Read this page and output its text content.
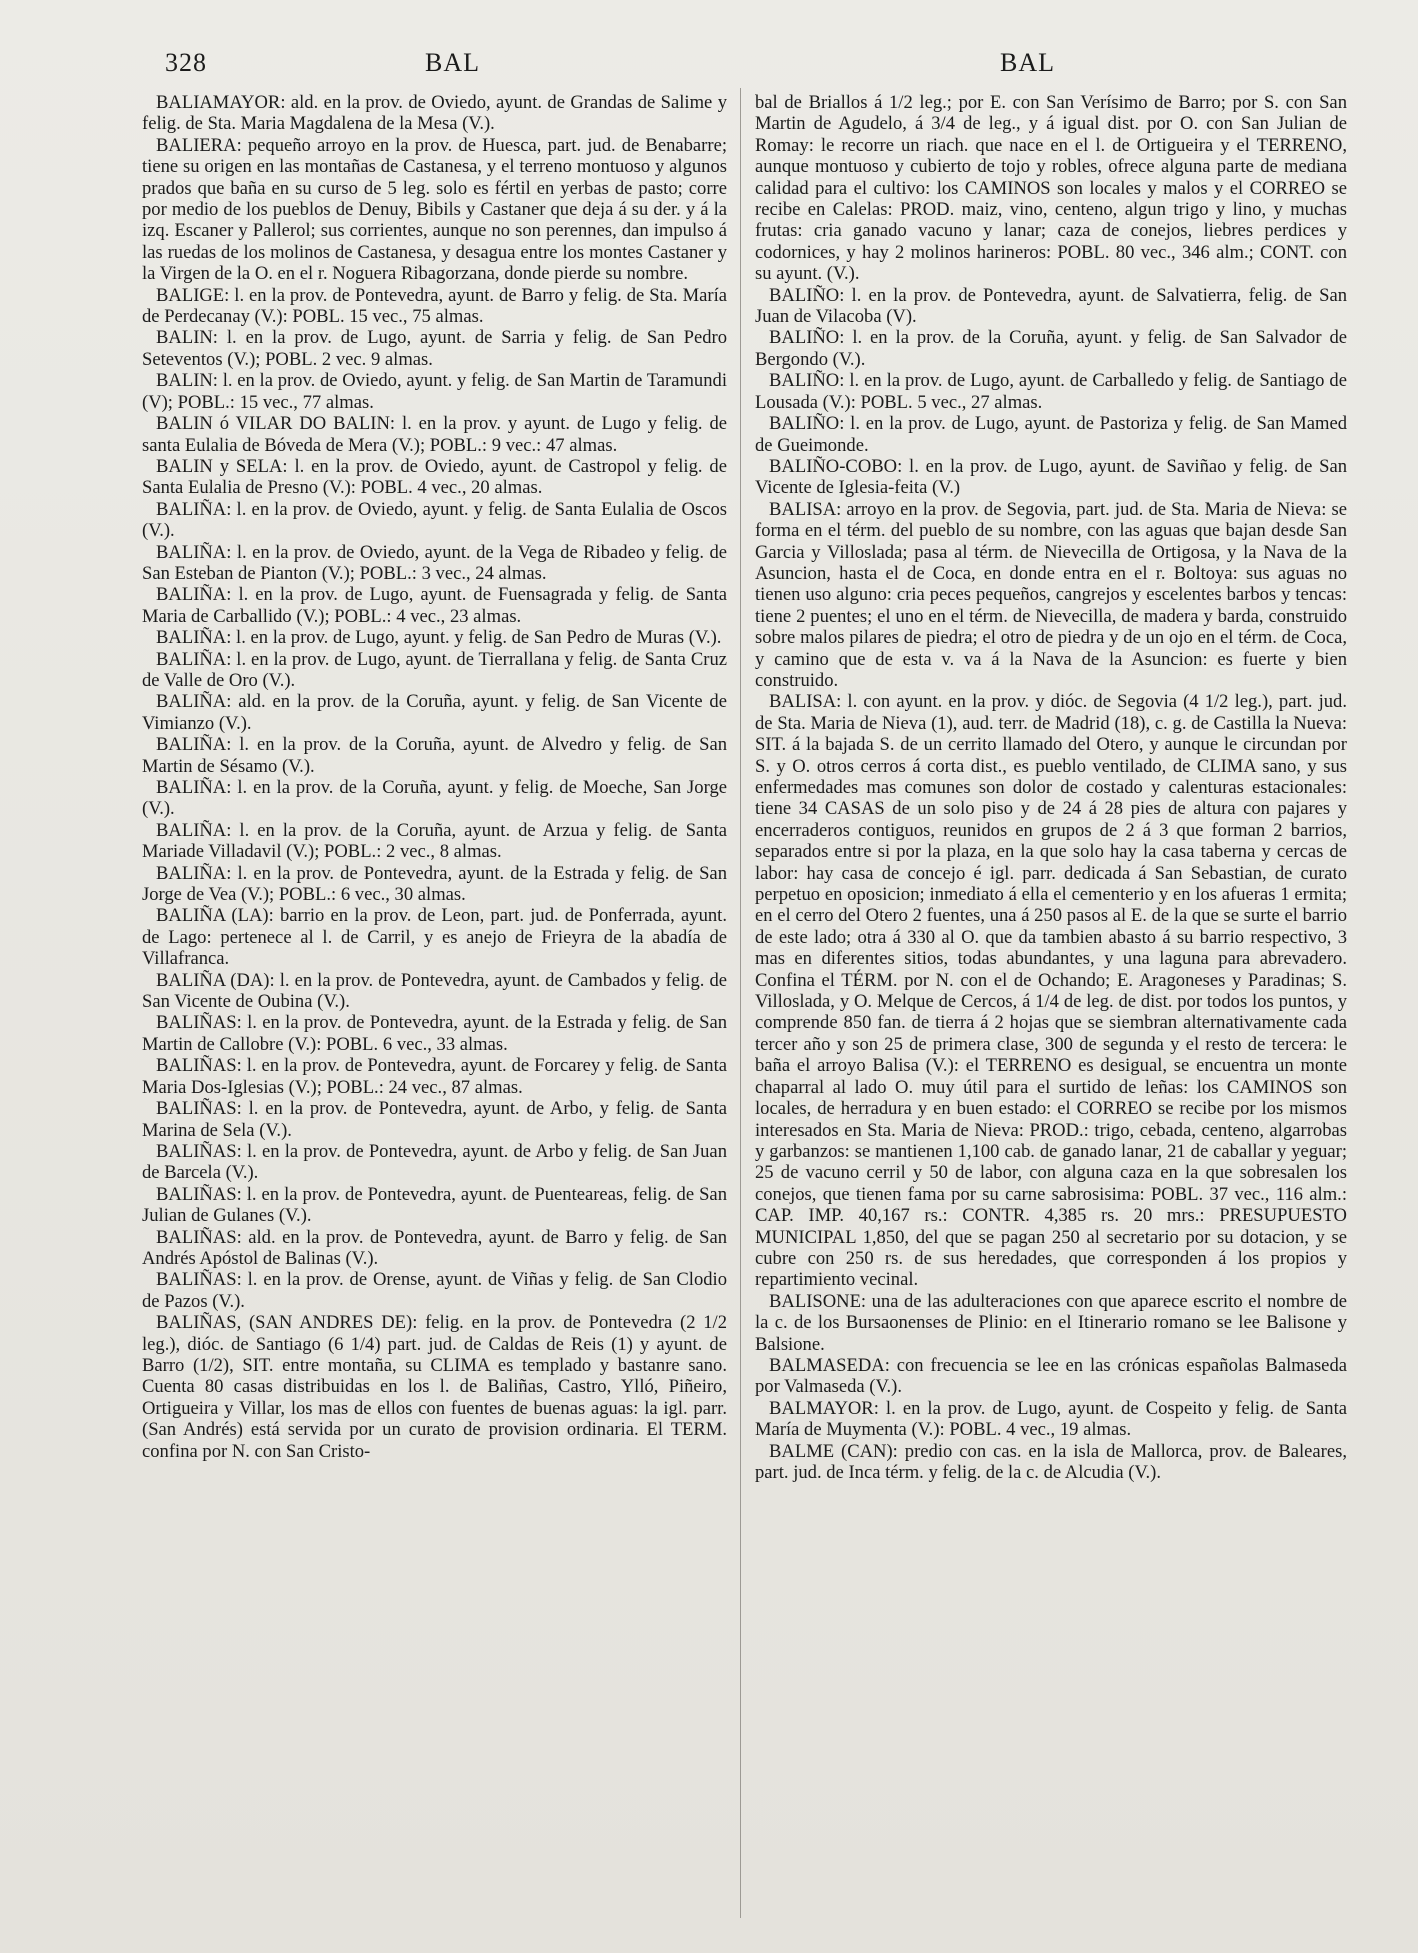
328	BAL	BAL

BALIAMAYOR: ald. en la prov. de Oviedo, ayunt. de Grandas de Salime y felig. de Sta. Maria Magdalena de la Mesa (V.).

BALIERA: pequeño arroyo en la prov. de Huesca, part. jud. de Benabarre; tiene su origen en las montañas de Castanesa, y el terreno montuoso y algunos prados que baña en su curso de 5 leg. solo es fértil en yerbas de pasto; corre por medio de los pueblos de Denuy, Bibils y Castaner que deja á su der. y á la izq. Escaner y Pallerol; sus corrientes, aunque no son perennes, dan impulso á las ruedas de los molinos de Castanesa, y desagua entre los montes Castaner y la Virgen de la O. en el r. Noguera Ribagorzana, donde pierde su nombre.

BALIGE: l. en la prov. de Pontevedra, ayunt. de Barro y felig. de Sta. María de Perdecanay (V.): POBL. 15 vec., 75 almas.

BALIN: l. en la prov. de Lugo, ayunt. de Sarria y felig. de San Pedro Seteventos (V.); POBL. 2 vec. 9 almas.

BALIN: l. en la prov. de Oviedo, ayunt. y felig. de San Martin de Taramundi (V); POBL.: 15 vec., 77 almas.

BALIN ó VILAR DO BALIN: l. en la prov. y ayunt. de Lugo y felig. de santa Eulalia de Bóveda de Mera (V.); POBL.: 9 vec.: 47 almas.

BALIN y SELA: l. en la prov. de Oviedo, ayunt. de Castropol y felig. de Santa Eulalia de Presno (V.): POBL. 4 vec., 20 almas.

BALIÑA: l. en la prov. de Oviedo, ayunt. y felig. de Santa Eulalia de Oscos (V.).

BALIÑA: l. en la prov. de Oviedo, ayunt. de la Vega de Ribadeo y felig. de San Esteban de Pianton (V.); POBL.: 3 vec., 24 almas.

BALIÑA: l. en la prov. de Lugo, ayunt. de Fuensagrada y felig. de Santa Maria de Carballido (V.); POBL.: 4 vec., 23 almas.

BALIÑA: l. en la prov. de Lugo, ayunt. y felig. de San Pedro de Muras (V.).

BALIÑA: l. en la prov. de Lugo, ayunt. de Tierrallana y felig. de Santa Cruz de Valle de Oro (V.).

BALIÑA: ald. en la prov. de la Coruña, ayunt. y felig. de San Vicente de Vimianzo (V.).

BALIÑA: l. en la prov. de la Coruña, ayunt. de Alvedro y felig. de San Martin de Sésamo (V.).

BALIÑA: l. en la prov. de la Coruña, ayunt. y felig. de Moeche, San Jorge (V.).

BALIÑA: l. en la prov. de la Coruña, ayunt. de Arzua y felig. de Santa Mariade Villadavil (V.); POBL.: 2 vec., 8 almas.

BALIÑA: l. en la prov. de Pontevedra, ayunt. de la Estrada y felig. de San Jorge de Vea (V.); POBL.: 6 vec., 30 almas.

BALIÑA (LA): barrio en la prov. de Leon, part. jud. de Ponferrada, ayunt. de Lago: pertenece al l. de Carril, y es anejo de Frieyra de la abadía de Villafranca.

BALIÑA (DA): l. en la prov. de Pontevedra, ayunt. de Cambados y felig. de San Vicente de Oubina (V.).

BALIÑAS: l. en la prov. de Pontevedra, ayunt. de la Estrada y felig. de San Martin de Callobre (V.): POBL. 6 vec., 33 almas.

BALIÑAS: l. en la prov. de Pontevedra, ayunt. de Forcarey y felig. de Santa Maria Dos-Iglesias (V.); POBL.: 24 vec., 87 almas.

BALIÑAS: l. en la prov. de Pontevedra, ayunt. de Arbo, y felig. de Santa Marina de Sela (V.).

BALIÑAS: l. en la prov. de Pontevedra, ayunt. de Arbo y felig. de San Juan de Barcela (V.).

BALIÑAS: l. en la prov. de Pontevedra, ayunt. de Puenteareas, felig. de San Julian de Gulanes (V.).

BALIÑAS: ald. en la prov. de Pontevedra, ayunt. de Barro y felig. de San Andrés Apóstol de Balinas (V.).

BALIÑAS: l. en la prov. de Orense, ayunt. de Viñas y felig. de San Clodio de Pazos (V.).

BALIÑAS, (SAN ANDRES DE): felig. en la prov. de Pontevedra (2 1/2 leg.), dióc. de Santiago (6 1/4) part. jud. de Caldas de Reis (1) y ayunt. de Barro (1/2), SIT. entre montaña, su CLIMA es templado y bastanre sano. Cuenta 80 casas distribuidas en los l. de Baliñas, Castro, Ylló, Piñeiro, Ortigueira y Villar, los mas de ellos con fuentes de buenas aguas: la igl. parr. (San Andrés) está servida por un curato de provision ordinaria. El TERM. confina por N. con San Cristo-

bal de Briallos á 1/2 leg.; por E. con San Verísimo de Barro; por S. con San Martin de Agudelo, á 3/4 de leg., y á igual dist. por O. con San Julian de Romay: le recorre un riach. que nace en el l. de Ortigueira y el TERRENO, aunque montuoso y cubierto de tojo y robles, ofrece alguna parte de mediana calidad para el cultivo: los CAMINOS son locales y malos y el CORREO se recibe en Calelas: PROD. maiz, vino, centeno, algun trigo y lino, y muchas frutas: cria ganado vacuno y lanar; caza de conejos, liebres perdices y codornices, y hay 2 molinos harineros: POBL. 80 vec., 346 alm.; CONT. con su ayunt. (V.).

BALIÑO: l. en la prov. de Pontevedra, ayunt. de Salvatierra, felig. de San Juan de Vilacoba (V).

BALIÑO: l. en la prov. de la Coruña, ayunt. y felig. de San Salvador de Bergondo (V.).

BALIÑO: l. en la prov. de Lugo, ayunt. de Carballedo y felig. de Santiago de Lousada (V.): POBL. 5 vec., 27 almas.

BALIÑO: l. en la prov. de Lugo, ayunt. de Pastoriza y felig. de San Mamed de Gueimonde.

BALIÑO-COBO: l. en la prov. de Lugo, ayunt. de Saviñao y felig. de San Vicente de Iglesia-feita (V.)

BALISA: arroyo en la prov. de Segovia, part. jud. de Sta. Maria de Nieva: se forma en el térm. del pueblo de su nombre, con las aguas que bajan desde San Garcia y Villoslada; pasa al térm. de Nievecilla de Ortigosa, y la Nava de la Asuncion, hasta el de Coca, en donde entra en el r. Boltoya: sus aguas no tienen uso alguno: cria peces pequeños, cangrejos y escelentes barbos y tencas: tiene 2 puentes; el uno en el térm. de Nievecilla, de madera y barda, construido sobre malos pilares de piedra; el otro de piedra y de un ojo en el térm. de Coca, y camino que de esta v. va á la Nava de la Asuncion: es fuerte y bien construido.

BALISA: l. con ayunt. en la prov. y dióc. de Segovia (4 1/2 leg.), part. jud. de Sta. Maria de Nieva (1), aud. terr. de Madrid (18), c. g. de Castilla la Nueva: SIT. á la bajada S. de un cerrito llamado del Otero, y aunque le circundan por S. y O. otros cerros á corta dist., es pueblo ventilado, de CLIMA sano, y sus enfermedades mas comunes son dolor de costado y calenturas estacionales: tiene 34 CASAS de un solo piso y de 24 á 28 pies de altura con pajares y encerraderos contiguos, reunidos en grupos de 2 á 3 que forman 2 barrios, separados entre si por la plaza, en la que solo hay la casa taberna y cercas de labor: hay casa de concejo é igl. parr. dedicada á San Sebastian, de curato perpetuo en oposicion; inmediato á ella el cementerio y en los afueras 1 ermita; en el cerro del Otero 2 fuentes, una á 250 pasos al E. de la que se surte el barrio de este lado; otra á 330 al O. que da tambien abasto á su barrio respectivo, 3 mas en diferentes sitios, todas abundantes, y una laguna para abrevadero. Confina el TÉRM. por N. con el de Ochando; E. Aragoneses y Paradinas; S. Villoslada, y O. Melque de Cercos, á 1/4 de leg. de dist. por todos los puntos, y comprende 850 fan. de tierra á 2 hojas que se siembran alternativamente cada tercer año y son 25 de primera clase, 300 de segunda y el resto de tercera: le baña el arroyo Balisa (V.): el TERRENO es desigual, se encuentra un monte chaparral al lado O. muy útil para el surtido de leñas: los CAMINOS son locales, de herradura y en buen estado: el CORREO se recibe por los mismos interesados en Sta. Maria de Nieva: PROD.: trigo, cebada, centeno, algarrobas y garbanzos: se mantienen 1,100 cab. de ganado lanar, 21 de caballar y yeguar; 25 de vacuno cerril y 50 de labor, con alguna caza en la que sobresalen los conejos, que tienen fama por su carne sabrosisima: POBL. 37 vec., 116 alm.: CAP. IMP. 40,167 rs.: CONTR. 4,385 rs. 20 mrs.: PRESUPUESTO MUNICIPAL 1,850, del que se pagan 250 al secretario por su dotacion, y se cubre con 250 rs. de sus heredades, que corresponden á los propios y repartimiento vecinal.

BALISONE: una de las adulteraciones con que aparece escrito el nombre de la c. de los Bursaonenses de Plinio: en el Itinerario romano se lee Balisone y Balsione.

BALMASEDA: con frecuencia se lee en las crónicas españolas Balmaseda por Valmaseda (V.).

BALMAYOR: l. en la prov. de Lugo, ayunt. de Cospeito y felig. de Santa María de Muymenta (V.): POBL. 4 vec., 19 almas.

BALME (CAN): predio con cas. en la isla de Mallorca, prov. de Baleares, part. jud. de Inca térm. y felig. de la c. de Alcudia (V.).
